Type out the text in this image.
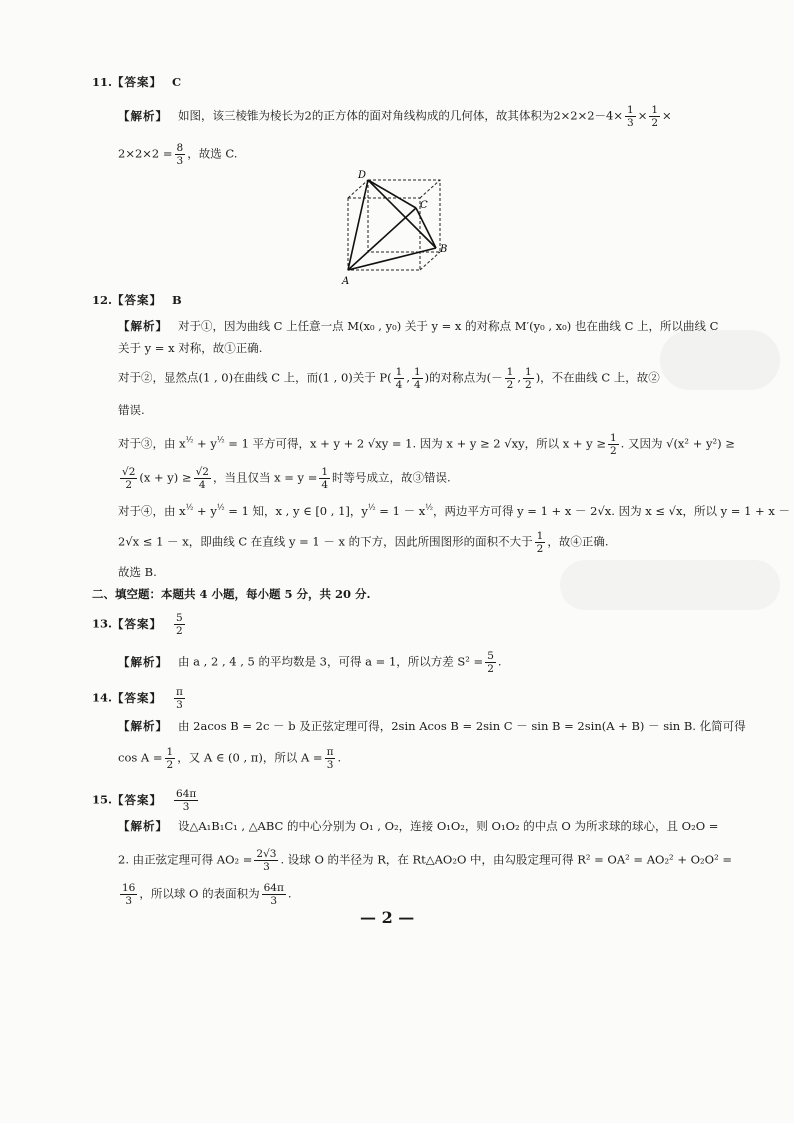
11.【答案】 C
【解析】 如图，该三棱锥为棱长为2的正方体的面对角线构成的几何体，故其体积为$2\times 2\times 2-4\times \frac{1}{3} \times \frac{1}{2}$ ×
$2\times 2\times 2 = \frac{8}{3}$ ，故选 C.
D
C
B
A
12.【答案】 B
【解析】 对于①，因为曲线 C 上任意一点 M(x₀ , y₀) 关于 y = x 的对称点 M′(y₀ , x₀) 也在曲线 C 上，所以曲线 C
关于 y = x 对称，故①正确.
对于②，显然点(1 , 0)在曲线 C 上，而(1 , 0)关于 $P( \frac{1}{4}$ , $\frac{1}{4}$ )的对称点为(－ $\frac{1}{2}$ , $\frac{1}{2}$ )，不在曲线 C 上，故②
错误.
对于③，由 $x^{\frac{1}{2}} + y^{\frac{1}{2}} = 1$ 平方可得，x + y + 2 √xy = 1. 因为 x + y ≥ 2 √xy，所以 $x + y \ge \frac{1}{2}$ . 又因为 √(x² + y²) ≥
$\frac{√2}{2} (x + y) \ge \frac{√2}{4}$ ，当且仅当 $x = y = \frac{1}{4}$ 时等号成立，故③错误.
对于④，由 $x^{\frac{1}{2}} + y^{\frac{1}{2}} = 1$ 知，x , y ∈ [0 , 1]，$y^{\frac{1}{2}} = 1 - x^{\frac{1}{2}}$，两边平方可得 y = 1 + x － 2√x. 因为 x ≤ √x，所以 y = 1 + x －
2√x ≤ 1 － x，即曲线 C 在直线 y = 1 － x 的下方，因此所围图形的面积不大于 $\frac{1}{2}$ ，故④正确.
故选 B.
二、填空题：本题共 4 小题，每小题 5 分，共 20 分.
13.【答案】 $\frac{5}{2}$
【解析】 由 a , 2 , 4 , 5 的平均数是 3，可得 a = 1，所以方差 $S^2 = \frac{5}{2}$ .
14.【答案】 $\frac{\pi}{3}$
【解析】 由 2acos B = 2c － b 及正弦定理可得，2sin Acos B = 2sin C － sin B = 2sin(A + B) － sin B. 化简可得
$\cos A = \frac{1}{2}$ ，又 A ∈ (0 , π)，所以 $A = \frac{\pi}{3}$ .
15.【答案】 $\frac{64\pi}{3}$
【解析】 设△A₁B₁C₁ , △ABC 的中心分别为 O₁ , O₂，连接 O₁O₂，则 O₁O₂ 的中点 O 为所求球的球心，且 O₂O =
2. 由正弦定理可得 $AO_2 = \frac{2√3}{3}$ . 设球 O 的半径为 R，在 Rt△AO₂O 中，由勾股定理可得 R² = OA² = AO₂² + O₂O² =
$\frac{16}{3}$ ，所以球 O 的表面积为 $\frac{64\pi}{3}$ .
— 2 —
